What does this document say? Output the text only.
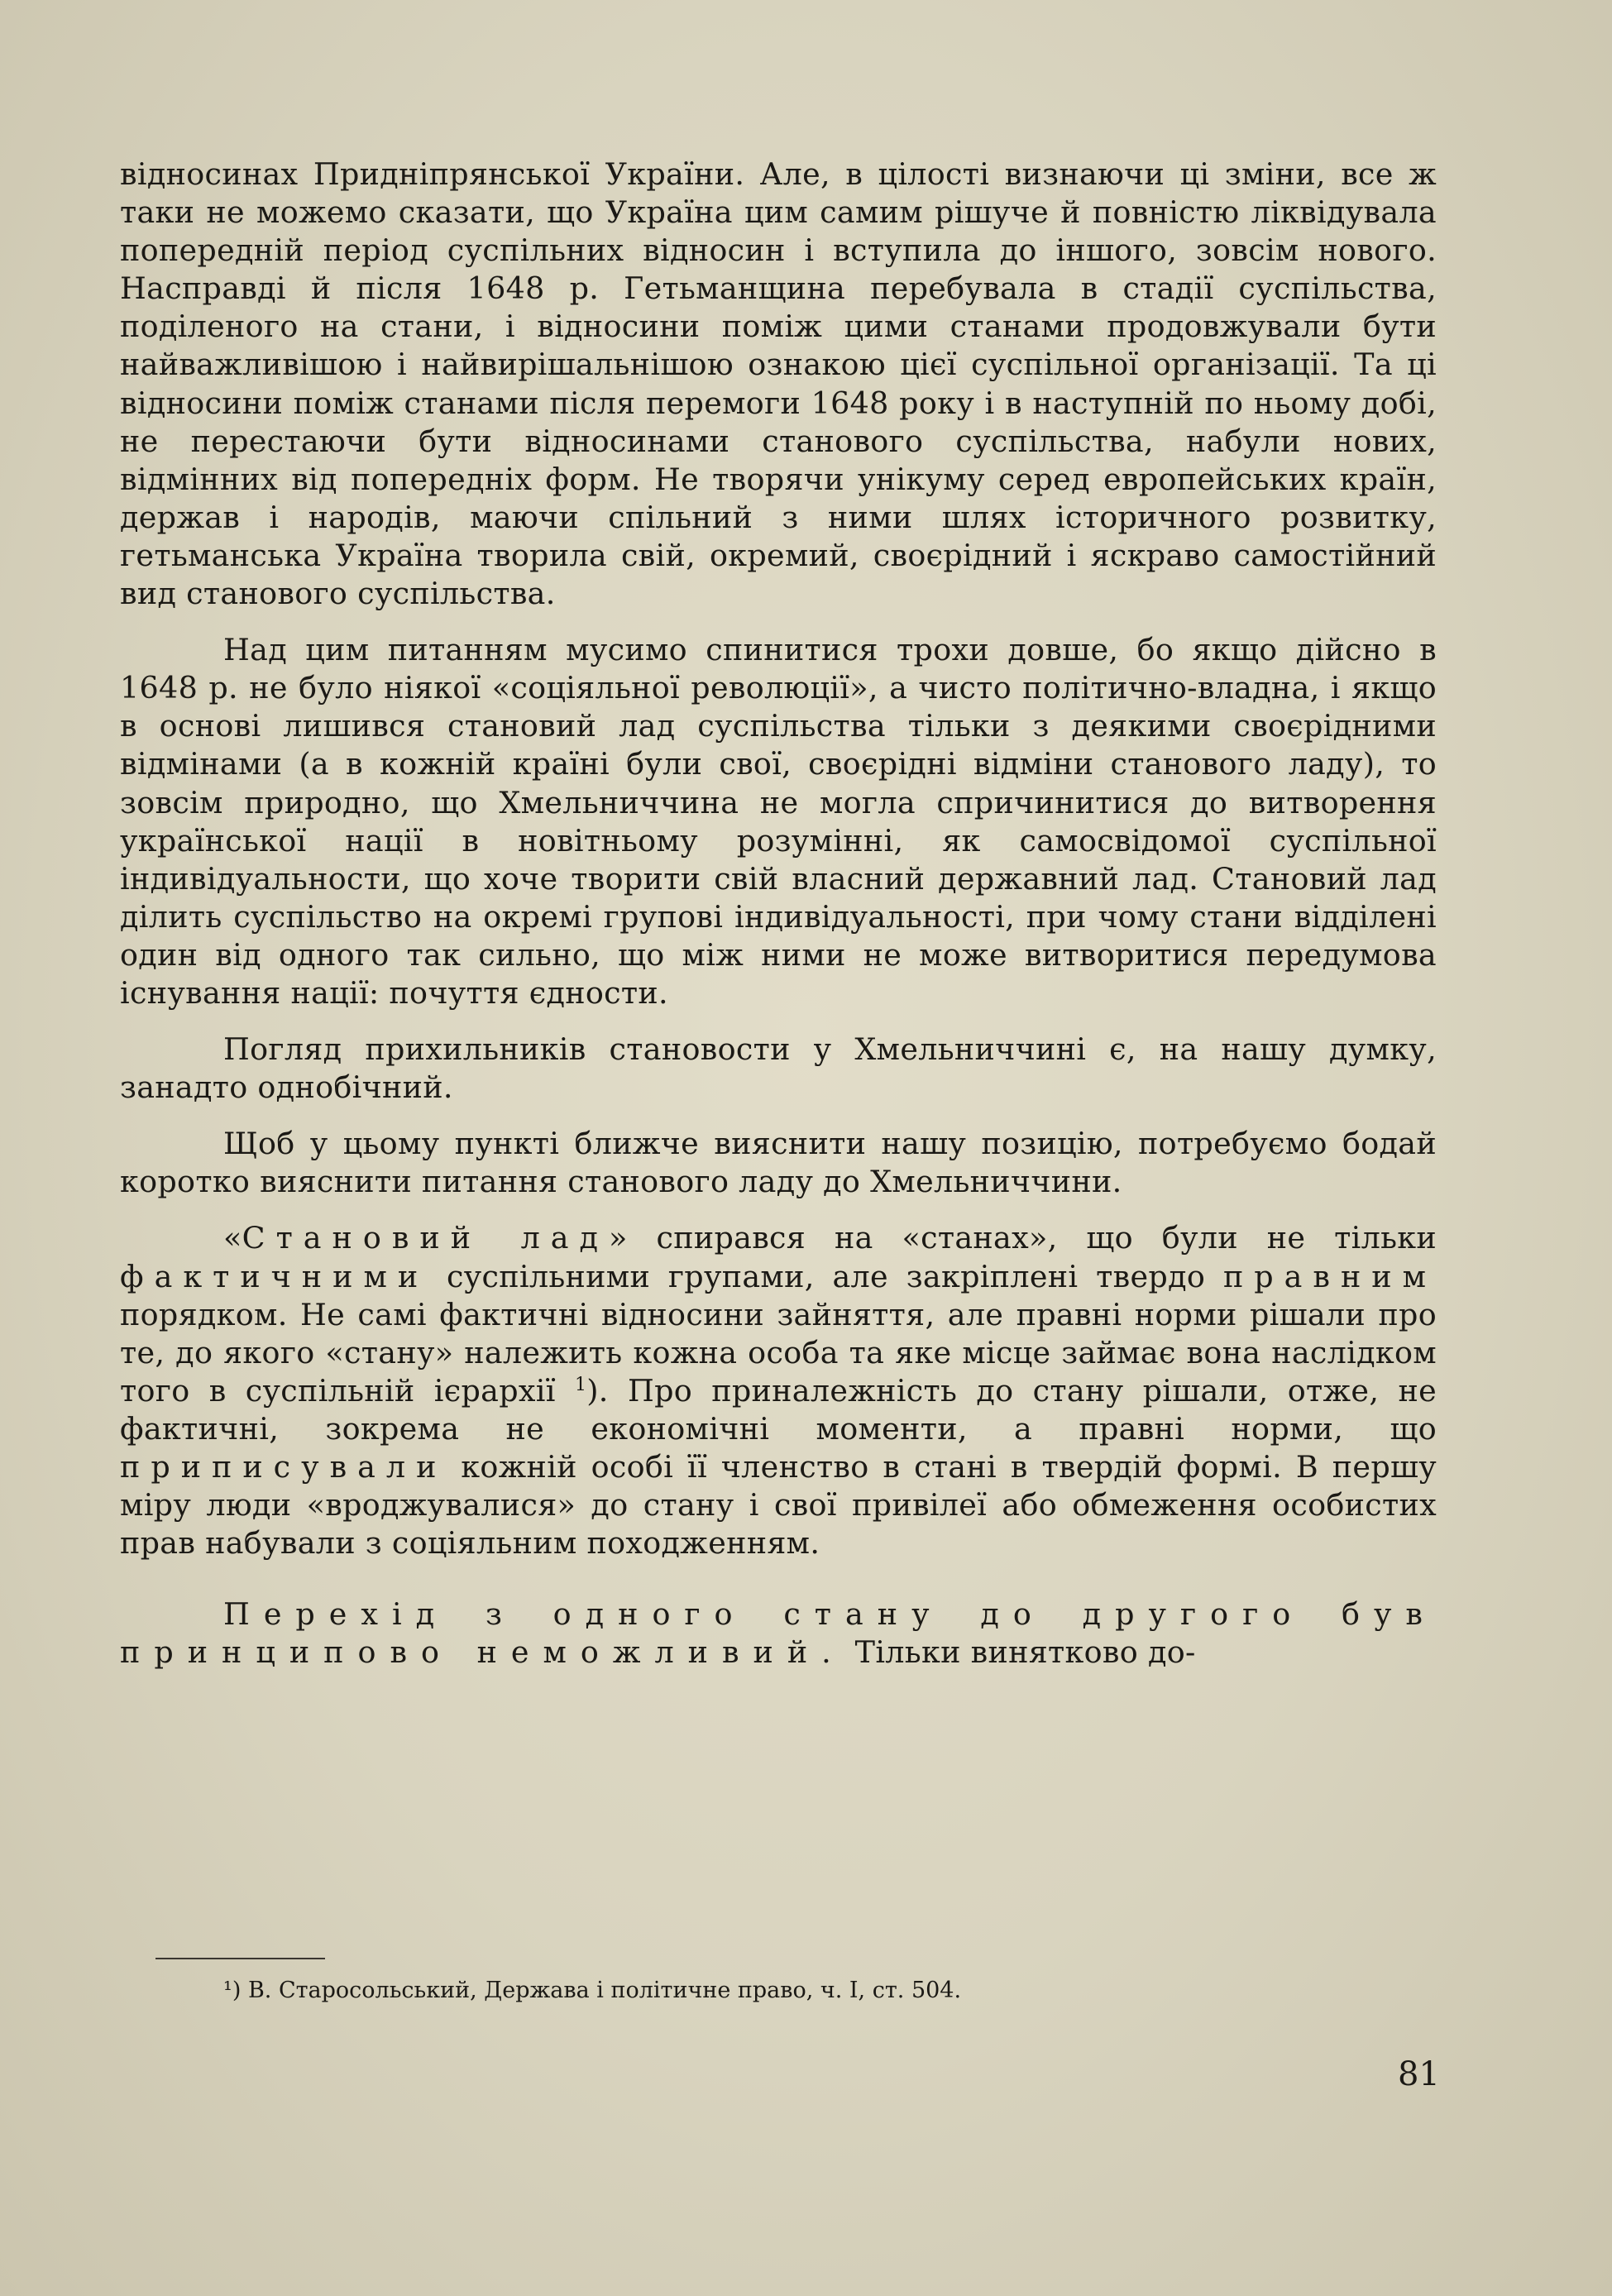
відносинах Придніпрянської України. Але, в цілості визнаючи ці зміни, все ж таки не можемо сказати, що Україна цим самим рішуче й повністю ліквідувала попередній період суспільних відносин і вступила до іншого, зовсім нового. Насправді й після 1648 р. Гетьманщина перебувала в стадії суспільства, поділеного на стани, і відносини поміж цими станами продовжували бути найважливішою і найвирішальнішою ознакою цієї суспільної організації. Та ці відносини поміж станами після перемоги 1648 року і в наступній по ньому добі, не перестаючи бути відносинами станового суспільства, набули нових, відмінних від попередніх форм. Не творячи унікуму серед европейських країн, держав і народів, маючи спільний з ними шлях історичного розвитку, гетьманська Україна творила свій, окремий, своєрідний і яскраво самостійний вид станового суспільства.

Над цим питанням мусимо спинитися трохи довше, бо якщо дійсно в 1648 р. не було ніякої «соціяльної революції», а чисто політично-владна, і якщо в основі лишився становий лад суспільства тільки з деякими своєрідними відмінами (а в кожній країні були свої, своєрідні відміни станового ладу), то зовсім природно, що Хмельниччина не могла спричинитися до витворення української нації в новітньому розумінні, як самосвідомої суспільної індивідуальности, що хоче творити свій власний державний лад. Становий лад ділить суспільство на окремі групові індивідуальності, при чому стани відділені один від одного так сильно, що між ними не може витворитися передумова існування нації: почуття єдности.

Погляд прихильників становости у Хмельниччині є, на нашу думку, занадто однобічний.

Щоб у цьому пункті ближче вияснити нашу позицію, потребуємо бодай коротко вияснити питання станового ладу до Хмельниччини.

«Становий лад» спирався на «станах», що були не тільки фактичними суспільними групами, але закріплені твердо правним порядком. Не самі фактичні відносини зайняття, але правні норми рішали про те, до якого «стану» належить кожна особа та яке місце займає вона наслідком того в суспільній ієрархії $^1$). Про приналежність до стану рішали, отже, не фактичні, зокрема не економічні моменти, а правні норми, що приписували кожній особі її членство в стані в твердій формі. В першу міру люди «вроджувалися» до стану і свої привілеї або обмеження особистих прав набували з соціяльним походженням.

Перехід з одного стану до другого був принципово неможливий. Тільки винятково до-

¹) В. Старосольський, Держава і політичне право, ч. І, ст. 504.
81
